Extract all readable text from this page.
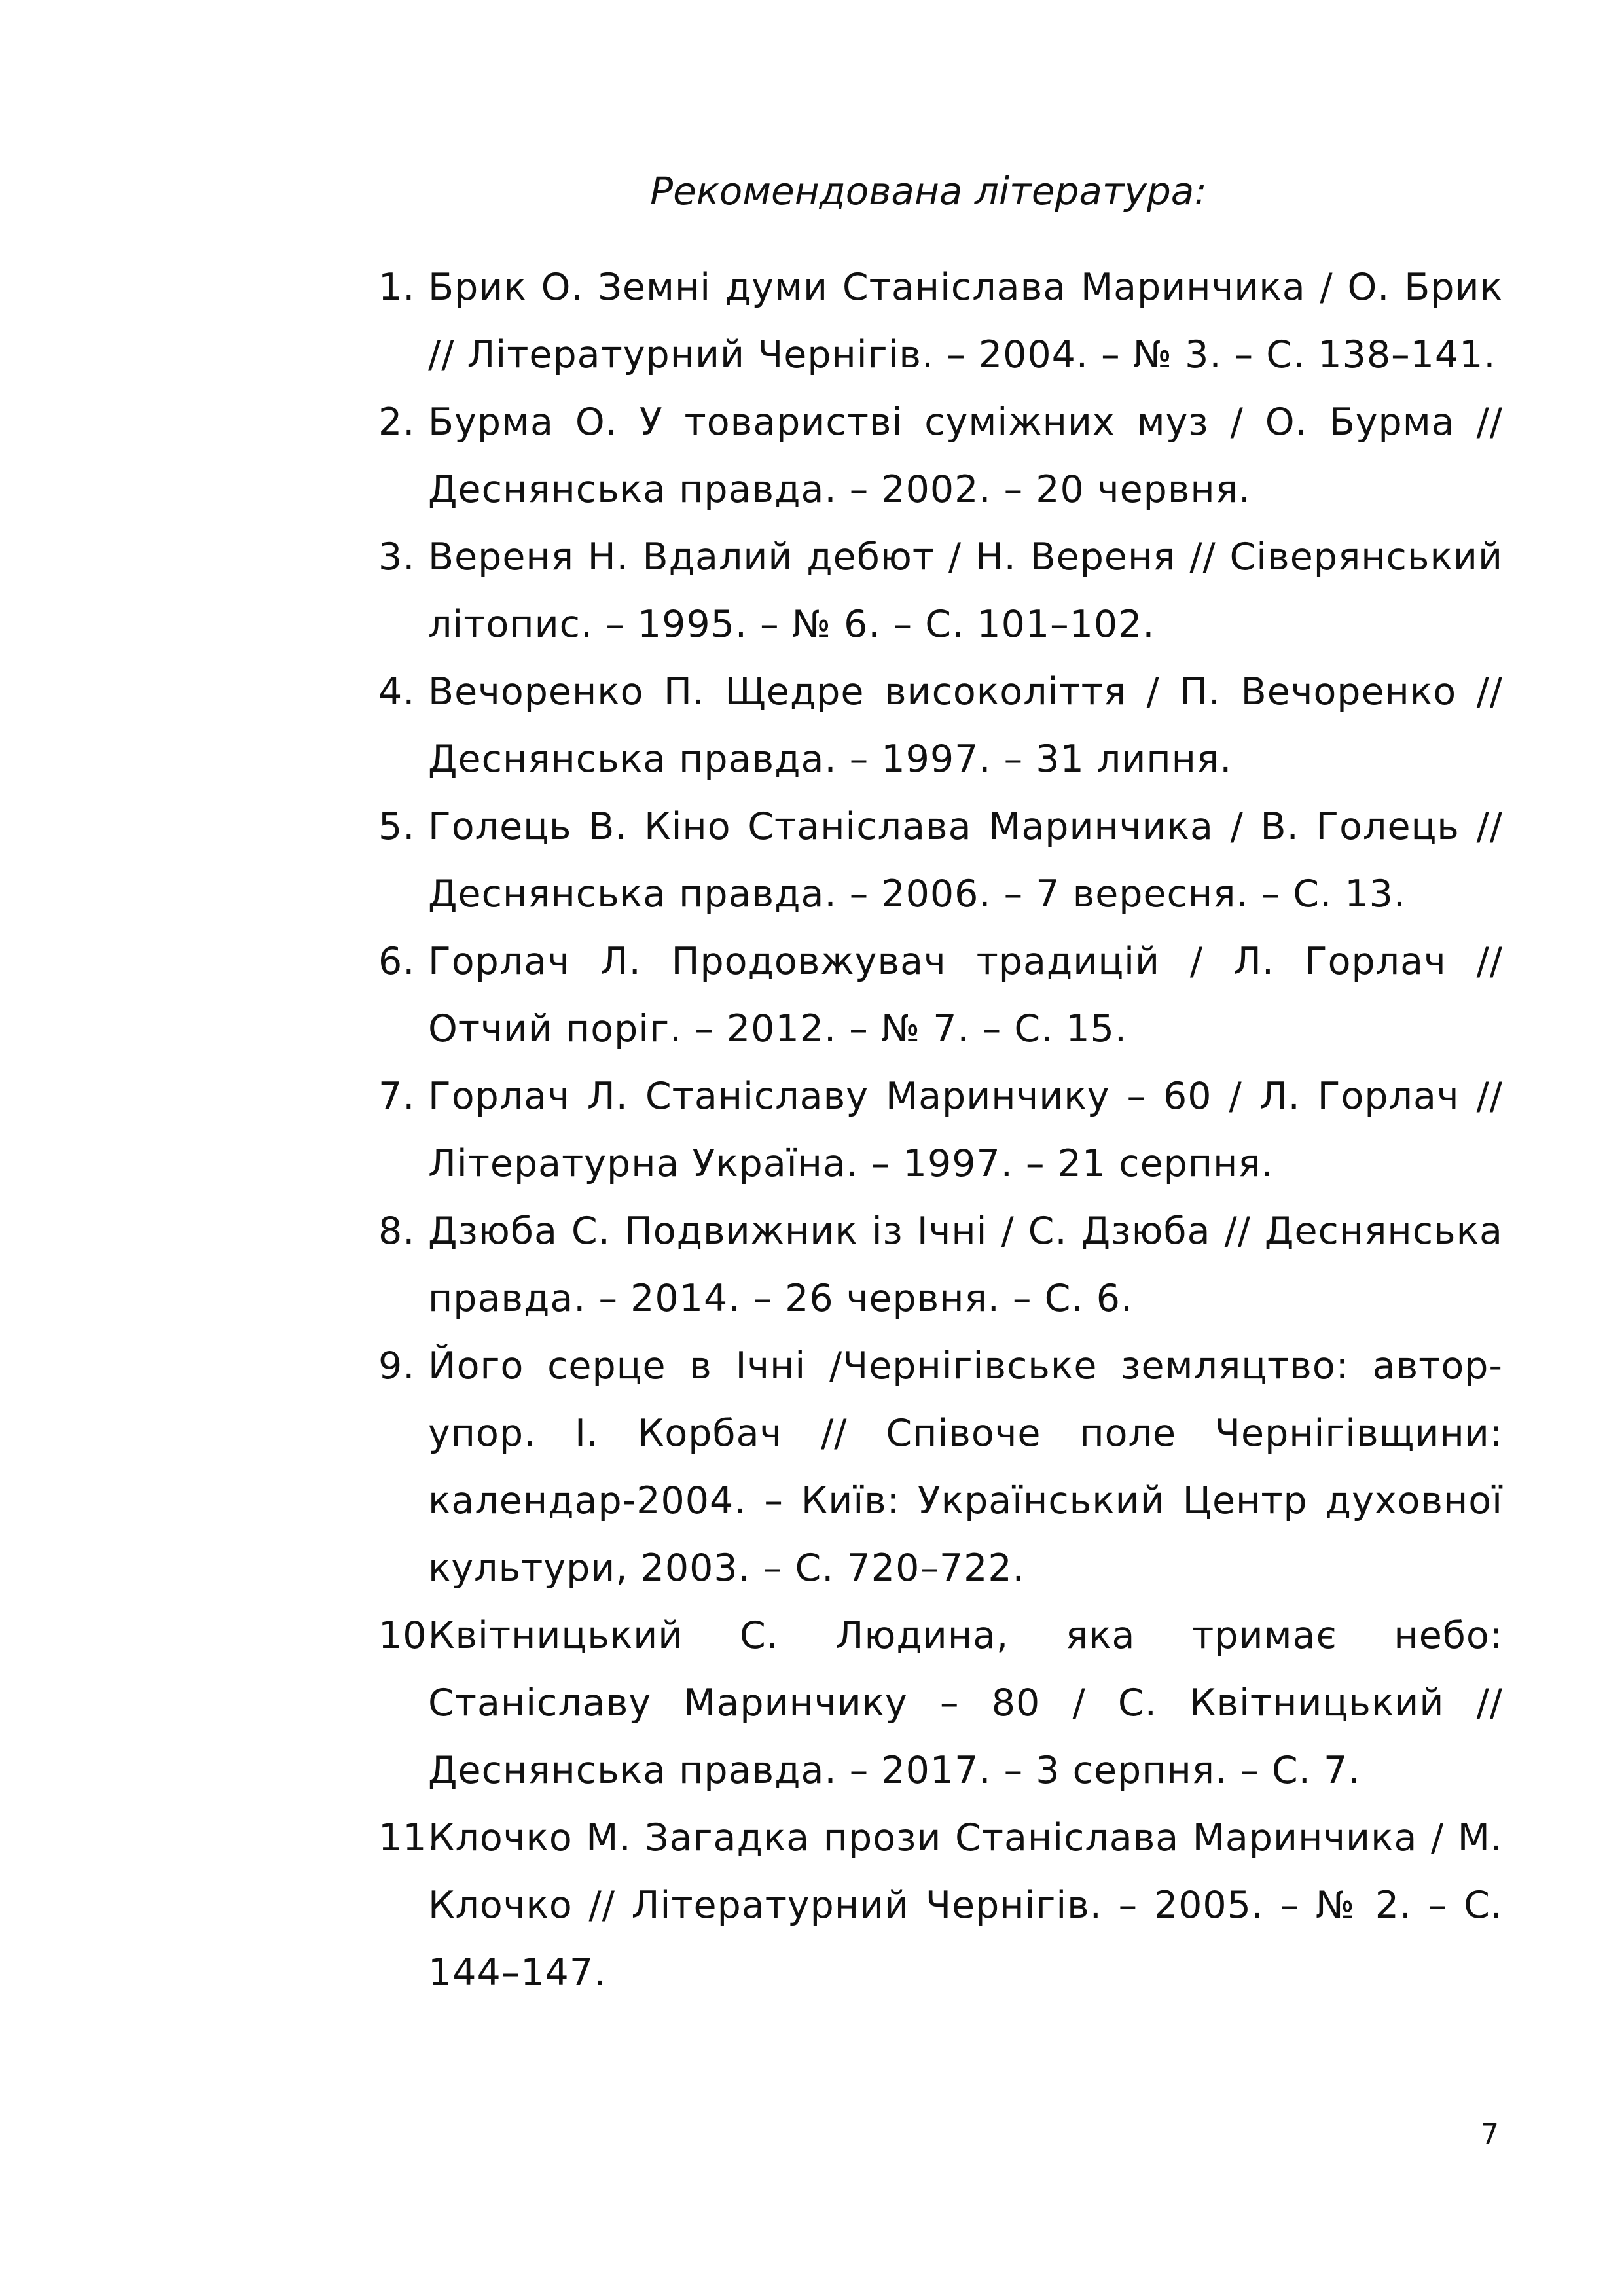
Рекомендована література:
1. Брик О. Земні думи Станіслава Маринчика / О. Брик // Літературний Чернігів. – 2004. – № 3. – С. 138–141.
2. Бурма О. У товаристві суміжних муз / О. Бурма // Деснянська правда. – 2002. – 20 червня.
3. Вереня Н. Вдалий дебют / Н. Вереня // Сіверянський літопис. – 1995. – № 6. – С. 101–102.
4. Вечоренко П. Щедре високоліття / П. Вечоренко // Деснянська правда. – 1997. – 31 липня.
5. Голець В. Кіно Станіслава Маринчика / В. Голець // Деснянська правда. – 2006. – 7 вересня. – С. 13.
6. Горлач Л. Продовжувач традицій / Л. Горлач // Отчий поріг. – 2012. – № 7. – С. 15.
7. Горлач Л. Станіславу Маринчику – 60 / Л. Горлач // Літературна Україна. – 1997. – 21 серпня.
8. Дзюба С. Подвижник із Ічні / С. Дзюба // Деснянська правда. – 2014. – 26 червня. – С. 6.
9. Його серце в Ічні /Чернігівське земляцтво: автор-упор. І. Корбач // Співоче поле Чернігівщини: календар-2004. – Київ: Український Центр духовної культури, 2003. – С. 720–722.
10.
Квітницький С. Людина, яка тримає небо: Станіславу Маринчику – 80 / С. Квітницький // Деснянська правда. – 2017. – 3 серпня. – С. 7.
11.
Клочко М. Загадка прози Станіслава Маринчика / М. Клочко // Літературний Чернігів. – 2005. – № 2. – С. 144–147.
7
